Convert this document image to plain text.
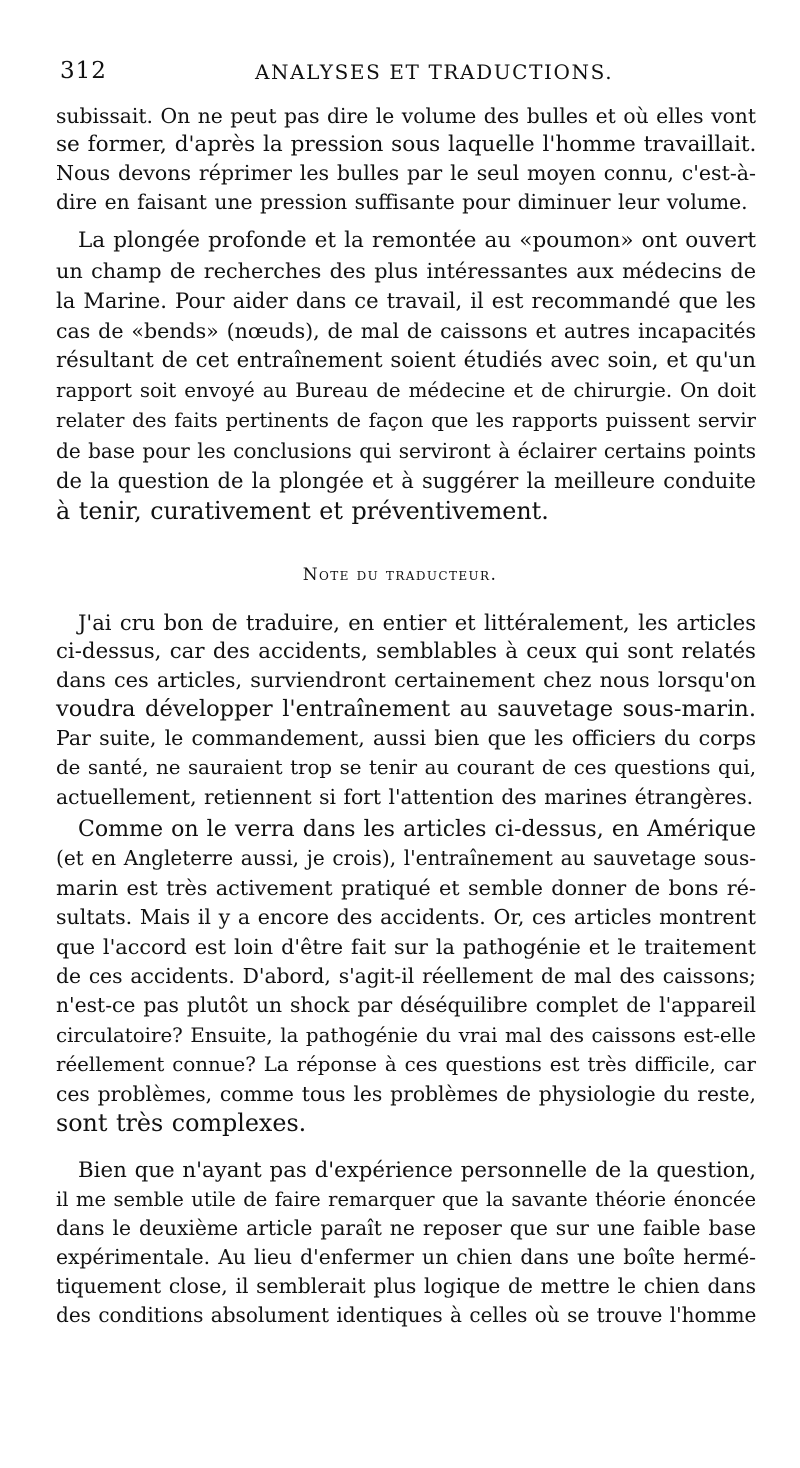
312	ANALYSES ET TRADUCTIONS.
subissait. On ne peut pas dire le volume des bulles et où elles vont
se former, d'après la pression sous laquelle l'homme travaillait.
Nous devons réprimer les bulles par le seul moyen connu, c'est-à-
dire en faisant une pression suffisante pour diminuer leur volume.
La plongée profonde et la remontée au «poumon» ont ouvert
un champ de recherches des plus intéressantes aux médecins de
la Marine. Pour aider dans ce travail, il est recommandé que les
cas de «bends» (nœuds), de mal de caissons et autres incapacités
résultant de cet entraînement soient étudiés avec soin, et qu'un
rapport soit envoyé au Bureau de médecine et de chirurgie. On doit
relater des faits pertinents de façon que les rapports puissent servir
de base pour les conclusions qui serviront à éclairer certains points
de la question de la plongée et à suggérer la meilleure conduite
à tenir, curativement et préventivement.
Note du traducteur.
J'ai cru bon de traduire, en entier et littéralement, les articles
ci-dessus, car des accidents, semblables à ceux qui sont relatés
dans ces articles, surviendront certainement chez nous lorsqu'on
voudra développer l'entraînement au sauvetage sous-marin.
Par suite, le commandement, aussi bien que les officiers du corps
de santé, ne sauraient trop se tenir au courant de ces questions qui,
actuellement, retiennent si fort l'attention des marines étrangères.
Comme on le verra dans les articles ci-dessus, en Amérique
(et en Angleterre aussi, je crois), l'entraînement au sauvetage sous-
marin est très activement pratiqué et semble donner de bons ré-
sultats. Mais il y a encore des accidents. Or, ces articles montrent
que l'accord est loin d'être fait sur la pathogénie et le traitement
de ces accidents. D'abord, s'agit-il réellement de mal des caissons;
n'est-ce pas plutôt un shock par déséquilibre complet de l'appareil
circulatoire? Ensuite, la pathogénie du vrai mal des caissons est-elle
réellement connue? La réponse à ces questions est très difficile, car
ces problèmes, comme tous les problèmes de physiologie du reste,
sont très complexes.
Bien que n'ayant pas d'expérience personnelle de la question,
il me semble utile de faire remarquer que la savante théorie énoncée
dans le deuxième article paraît ne reposer que sur une faible base
expérimentale. Au lieu d'enfermer un chien dans une boîte hermé-
tiquement close, il semblerait plus logique de mettre le chien dans
des conditions absolument identiques à celles où se trouve l'homme
